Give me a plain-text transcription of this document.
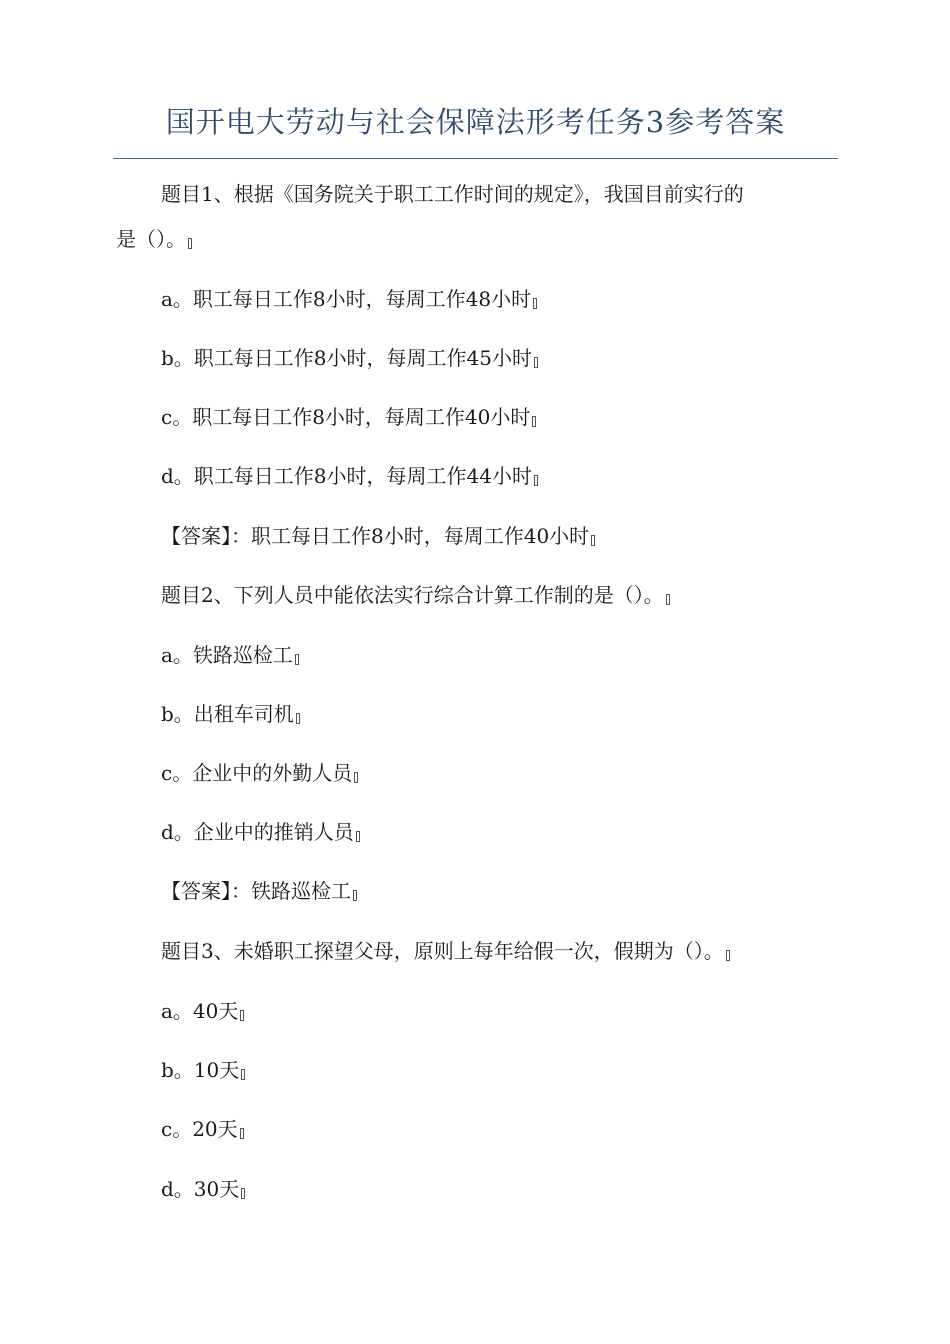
国开电大劳动与社会保障法形考任务3参考答案
题目1、根据《国务院关于职工工作时间的规定》，我国目前实行的
是（）。
a。职工每日工作8小时，每周工作48小时
b。职工每日工作8小时，每周工作45小时
c。职工每日工作8小时，每周工作40小时
d。职工每日工作8小时，每周工作44小时
【答案】：职工每日工作8小时，每周工作40小时
题目2、下列人员中能依法实行综合计算工作制的是（）。
a。铁路巡检工
b。出租车司机
c。企业中的外勤人员
d。企业中的推销人员
【答案】：铁路巡检工
题目3、未婚职工探望父母，原则上每年给假一次，假期为（）。
a。40天
b。10天
c。20天
d。30天
